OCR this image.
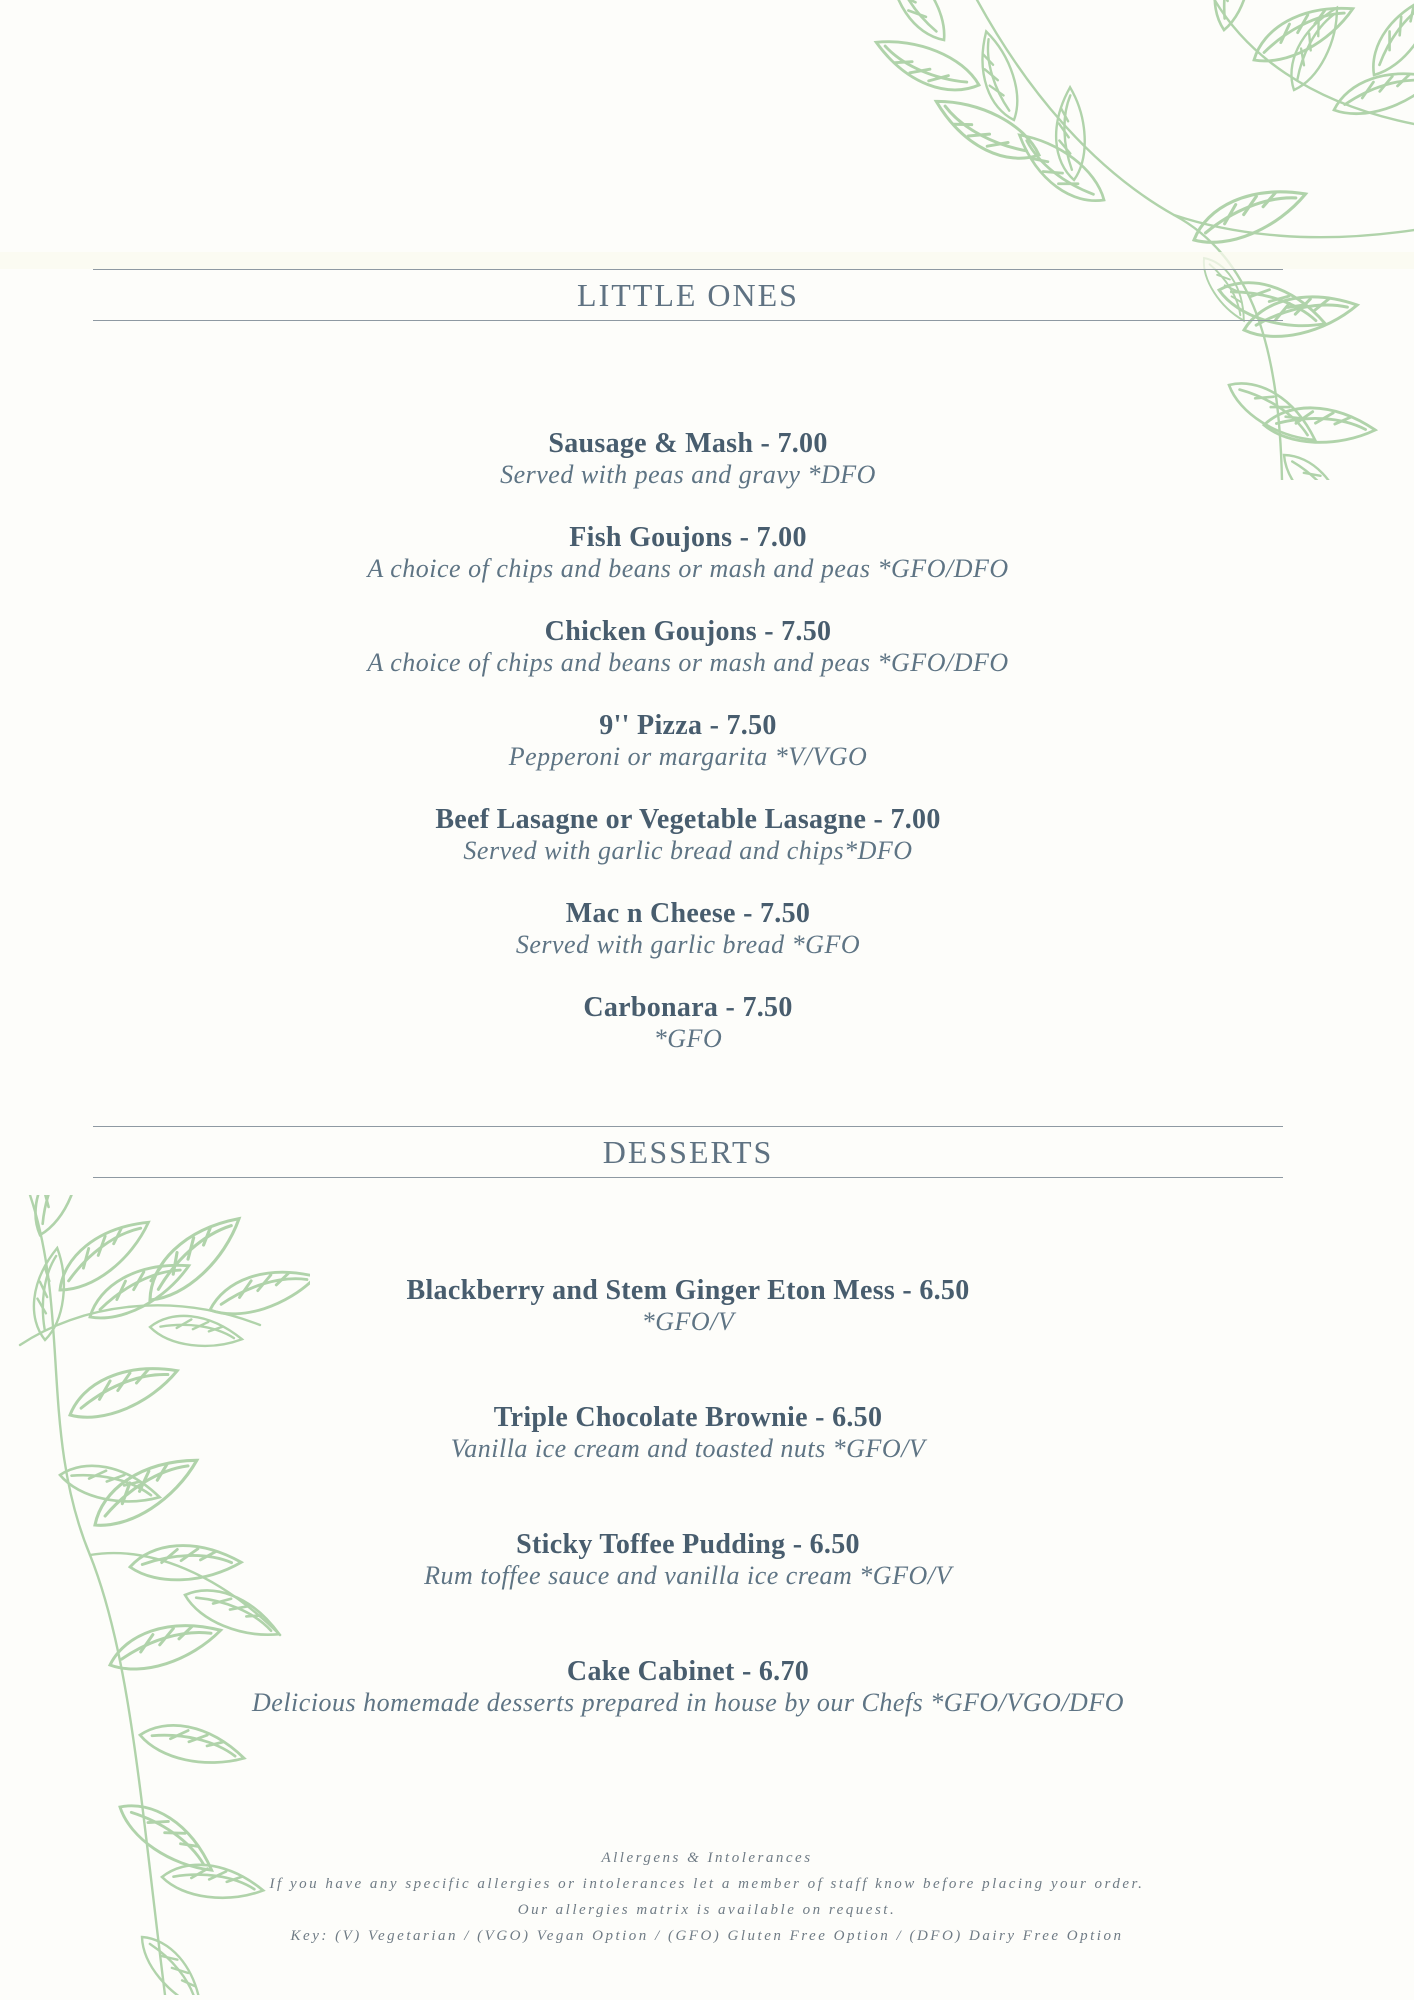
LITTLE ONES
Sausage & Mash - 7.00
Served with peas and gravy *DFO
Fish Goujons - 7.00
A choice of chips and beans or mash and peas *GFO/DFO
Chicken Goujons - 7.50
A choice of chips and beans or mash and peas *GFO/DFO
9'' Pizza - 7.50
Pepperoni or margarita *V/VGO
Beef Lasagne or Vegetable Lasagne - 7.00
Served with garlic bread and chips*DFO
Mac n Cheese - 7.50
Served with garlic bread *GFO
Carbonara - 7.50
*GFO
DESSERTS
Blackberry and Stem Ginger Eton Mess - 6.50
*GFO/V
Triple Chocolate Brownie - 6.50
Vanilla ice cream and toasted nuts *GFO/V
Sticky Toffee Pudding - 6.50
Rum toffee sauce and vanilla ice cream *GFO/V
Cake Cabinet - 6.70
Delicious homemade desserts prepared in house by our Chefs *GFO/VGO/DFO
Allergens & Intolerances
If you have any specific allergies or intolerances let a member of staff know before placing your order.
Our allergies matrix is available on request.
Key: (V) Vegetarian / (VGO) Vegan Option / (GFO) Gluten Free Option / (DFO) Dairy Free Option
